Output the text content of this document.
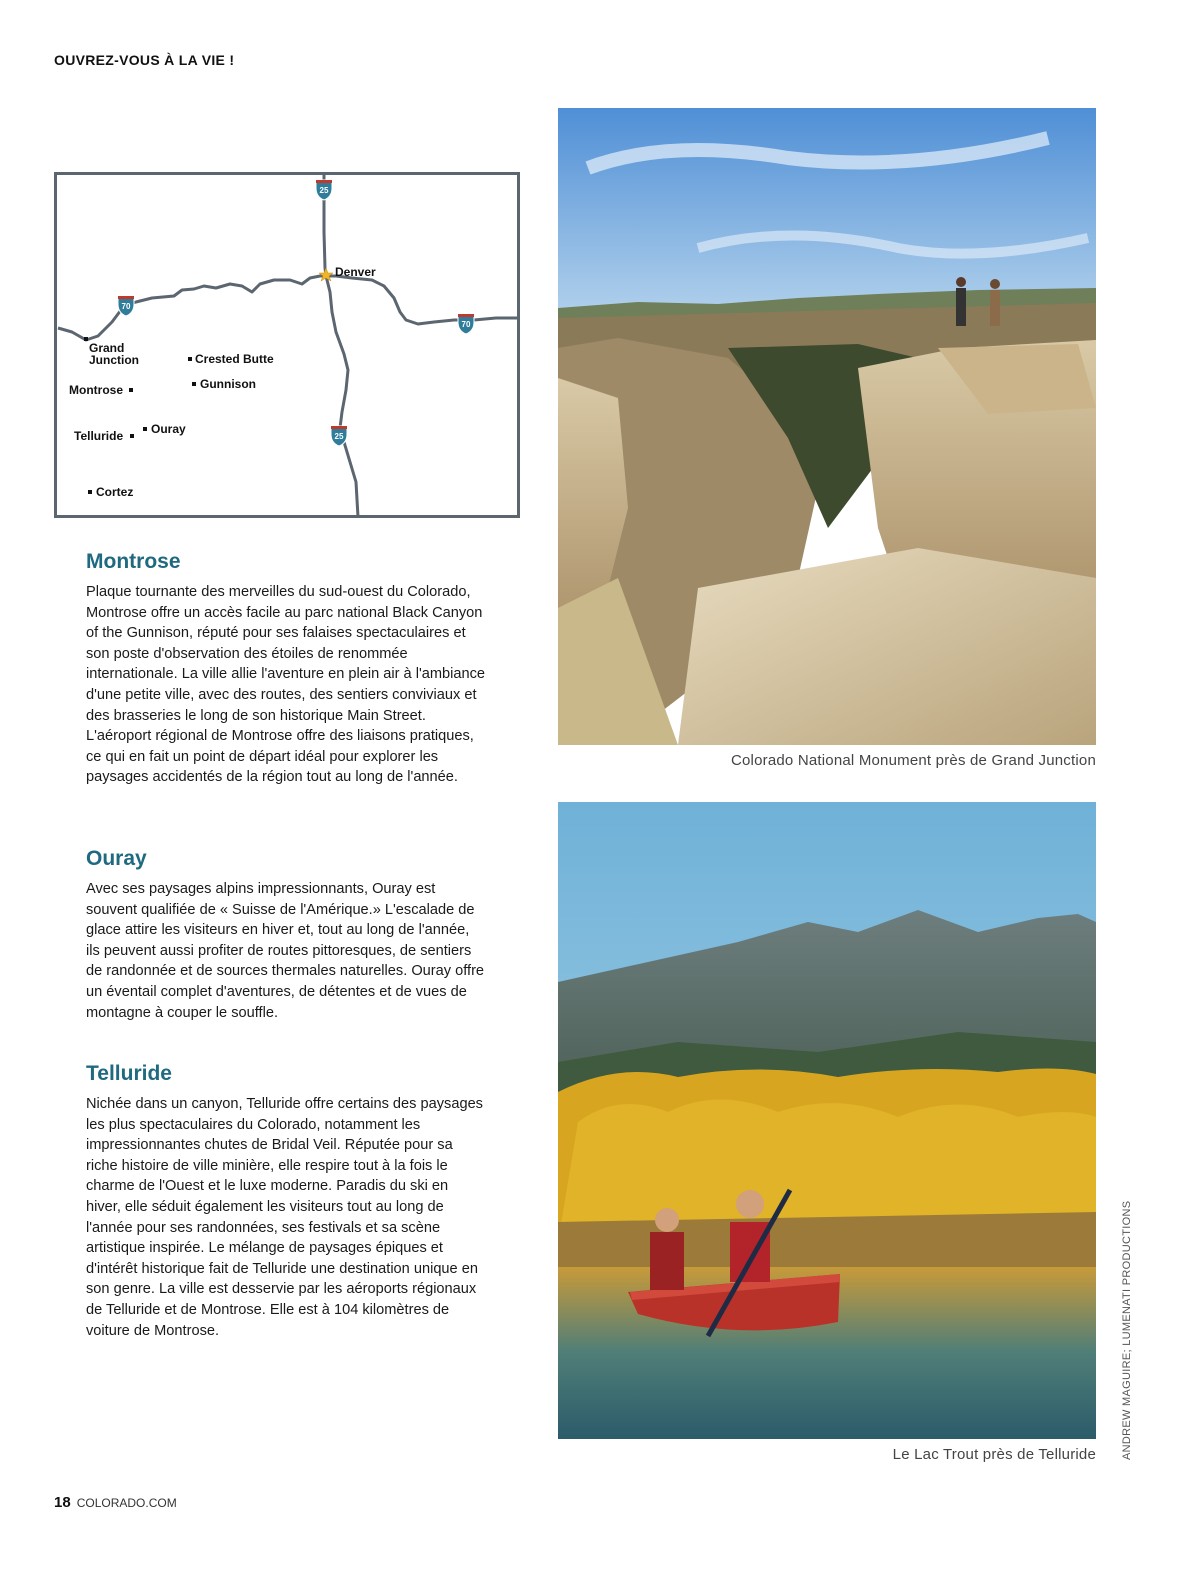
OUVREZ-VOUS À LA VIE !
25
25
70
70
Denver
Grand
Junction	Crested Butte
Gunnison
Montrose
Telluride Ouray
Cortez
Montrose

Plaque tournante des merveilles du sud-ouest du Colorado, Montrose offre un accès facile au parc national Black Canyon of the Gunnison, réputé pour ses falaises spectaculaires et son poste d'observation des étoiles de renommée internationale. La ville allie l'aventure en plein air à l'ambiance d'une petite ville, avec des routes, des sentiers conviviaux et des brasseries le long de son historique Main Street. L'aéroport régional de Montrose offre des liaisons pratiques, ce qui en fait un point de départ idéal pour explorer les paysages accidentés de la région tout au long de l'année.

Ouray

Avec ses paysages alpins impressionnants, Ouray est souvent qualifiée de « Suisse de l'Amérique.» L'escalade de glace attire les visiteurs en hiver et, tout au long de l'année, ils peuvent aussi profiter de routes pittoresques, de sentiers de randonnée et de sources thermales naturelles. Ouray offre un éventail complet d'aventures, de détentes et de vues de montagne à couper le souffle.

Telluride

Nichée dans un canyon, Telluride offre certains des paysages les plus spectaculaires du Colorado, notamment les impressionnantes chutes de Bridal Veil. Réputée pour sa riche histoire de ville minière, elle respire tout à la fois le charme de l'Ouest et le luxe moderne. Paradis du ski en hiver, elle séduit également les visiteurs tout au long de l'année pour ses randonnées, ses festivals et sa scène artistique inspirée. Le mélange de paysages épiques et d'intérêt historique fait de Telluride une destination unique en son genre. La ville est desservie par les aéroports régionaux de Telluride et de Montrose. Elle est à 104 kilomètres de voiture de Montrose.

Colorado National Monument près de Grand Junction
Le Lac Trout près de Telluride ANDREW MAGUIRE; LUMENATI PRODUCTIONS
18 COLORADO.COM
